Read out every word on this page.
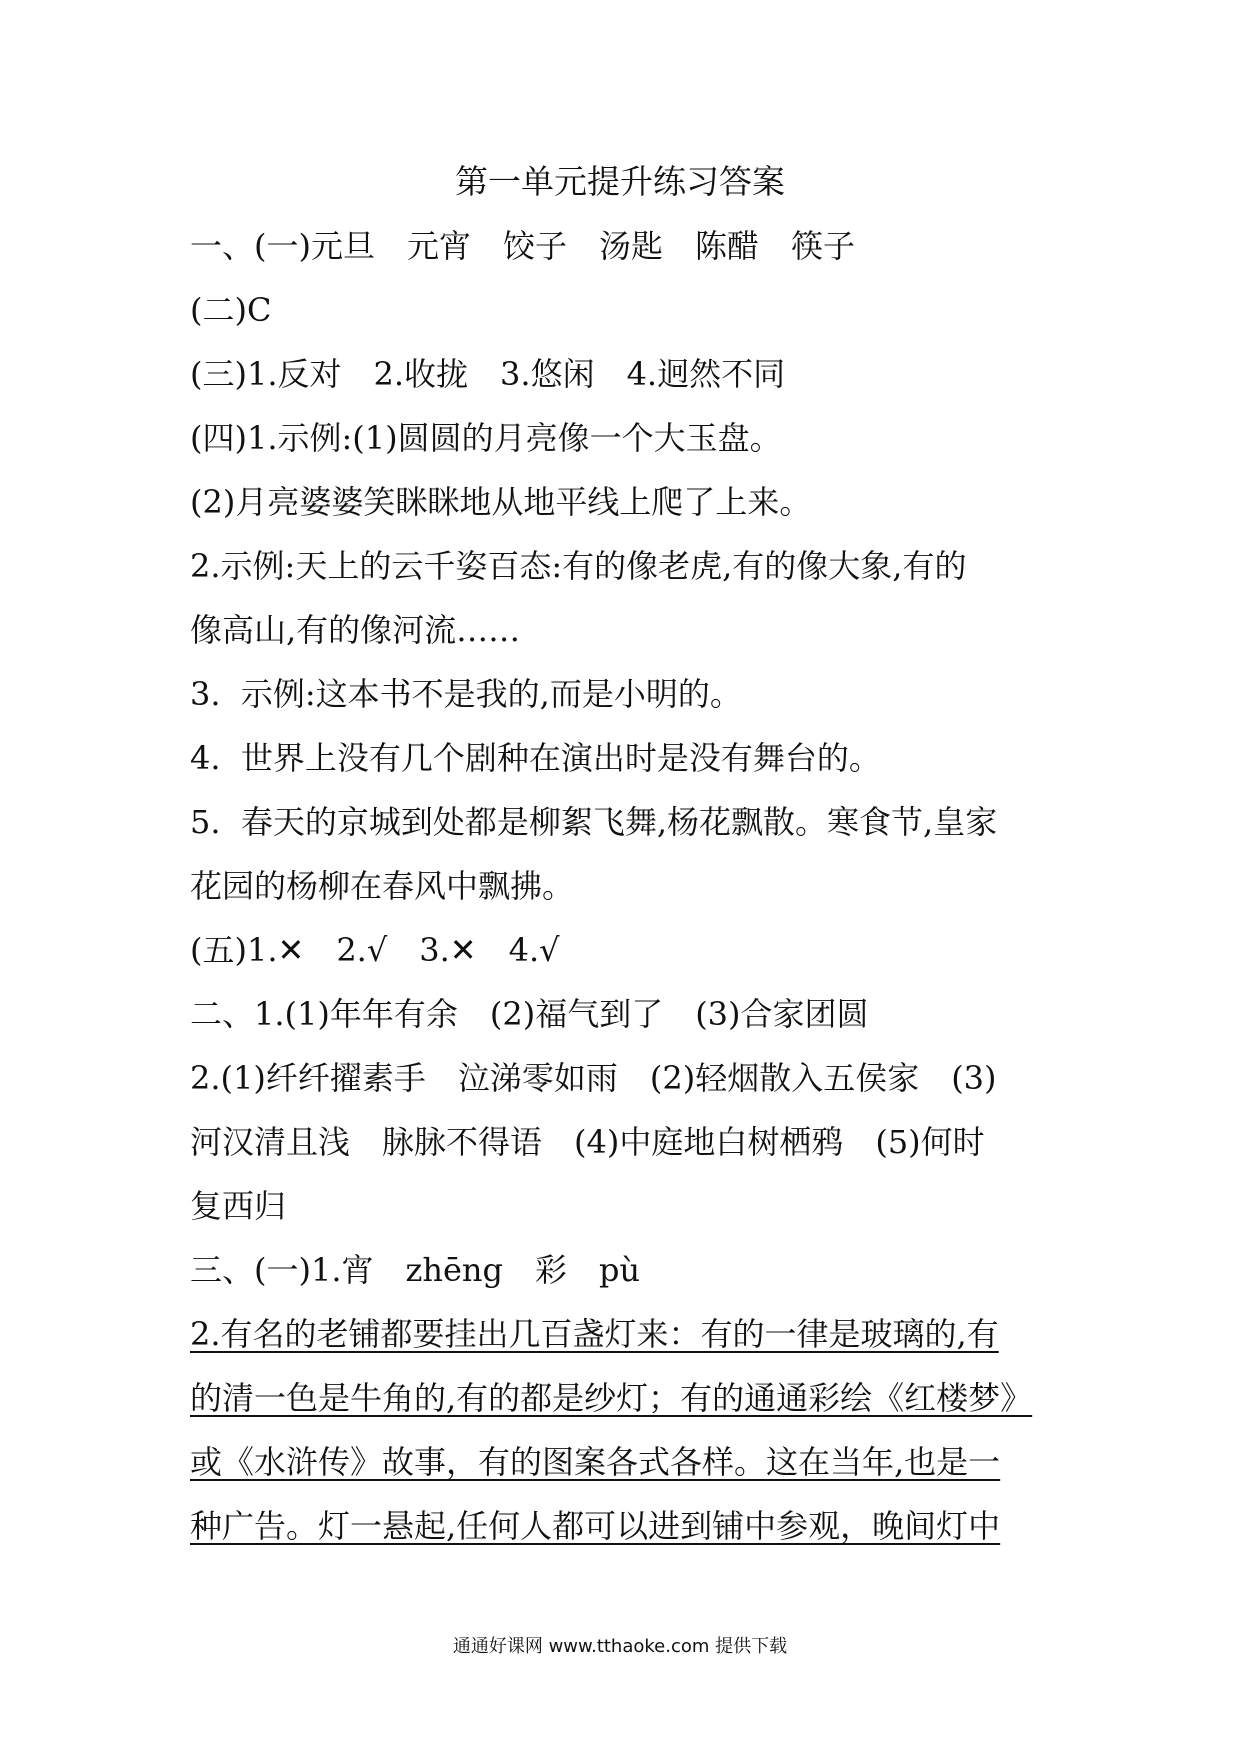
第一单元提升练习答案
一、(一)元旦　元宵　饺子　汤匙　陈醋　筷子
(二)C
(三)1.反对　2.收拢　3.悠闲　4.迥然不同
(四)1.示例:(1)圆圆的月亮像一个大玉盘。
(2)月亮婆婆笑眯眯地从地平线上爬了上来。
2.示例:天上的云千姿百态:有的像老虎,有的像大象,有的
像高山,有的像河流……
3.  示例:这本书不是我的,而是小明的。
4.  世界上没有几个剧种在演出时是没有舞台的。
5.  春天的京城到处都是柳絮飞舞,杨花飘散。寒食节,皇家
花园的杨柳在春风中飘拂。
(五)1.✕　2.√　3.✕　4.√
二、1.(1)年年有余　(2)福气到了　(3)合家团圆
2.(1)纤纤擢素手　泣涕零如雨　(2)轻烟散入五侯家　(3)
河汉清且浅　脉脉不得语　(4)中庭地白树栖鸦　(5)何时
复西归
三、(一)1.宵　zhēng　彩　pù
2.有名的老铺都要挂出几百盏灯来：有的一律是玻璃的,有
的清一色是牛角的,有的都是纱灯；有的通通彩绘《红楼梦》
或《水浒传》故事，有的图案各式各样。这在当年,也是一
种广告。灯一悬起,任何人都可以进到铺中参观，晚间灯中
通通好课网 www.tthaoke.com 提供下载
